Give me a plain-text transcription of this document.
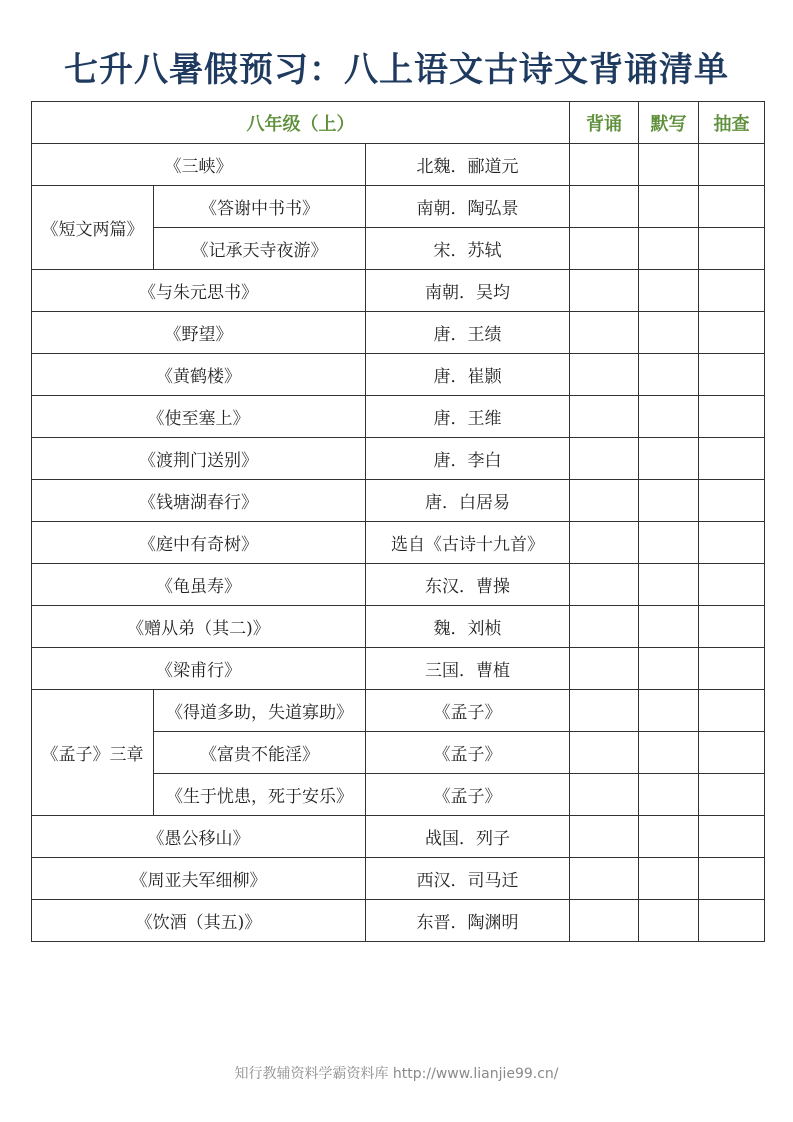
七升八暑假预习：八上语文古诗文背诵清单
八年级（上）			背诵	默写	抽查
《三峡》		北魏．郦道元			
《短文两篇》	《答谢中书书》	南朝．陶弘景			
	《记承天寺夜游》	宋．苏轼			
《与朱元思书》		南朝．吴均			
《野望》		唐．王绩			
《黄鹤楼》		唐．崔颢			
《使至塞上》		唐．王维			
《渡荆门送别》		唐．李白			
《钱塘湖春行》		唐．白居易			
《庭中有奇树》		选自《古诗十九首》			
《龟虽寿》		东汉．曹操			
《赠从弟（其二)》		魏．刘桢			
《梁甫行》		三国．曹植			
《孟子》三章	《得道多助，失道寡助》	《孟子》			
	《富贵不能淫》	《孟子》			
	《生于忧患，死于安乐》	《孟子》			
《愚公移山》		战国．列子			
《周亚夫军细柳》		西汉．司马迁			
《饮酒（其五)》		东晋．陶渊明			
知行教辅资料学霸资料库 http://www.lianjie99.cn/
